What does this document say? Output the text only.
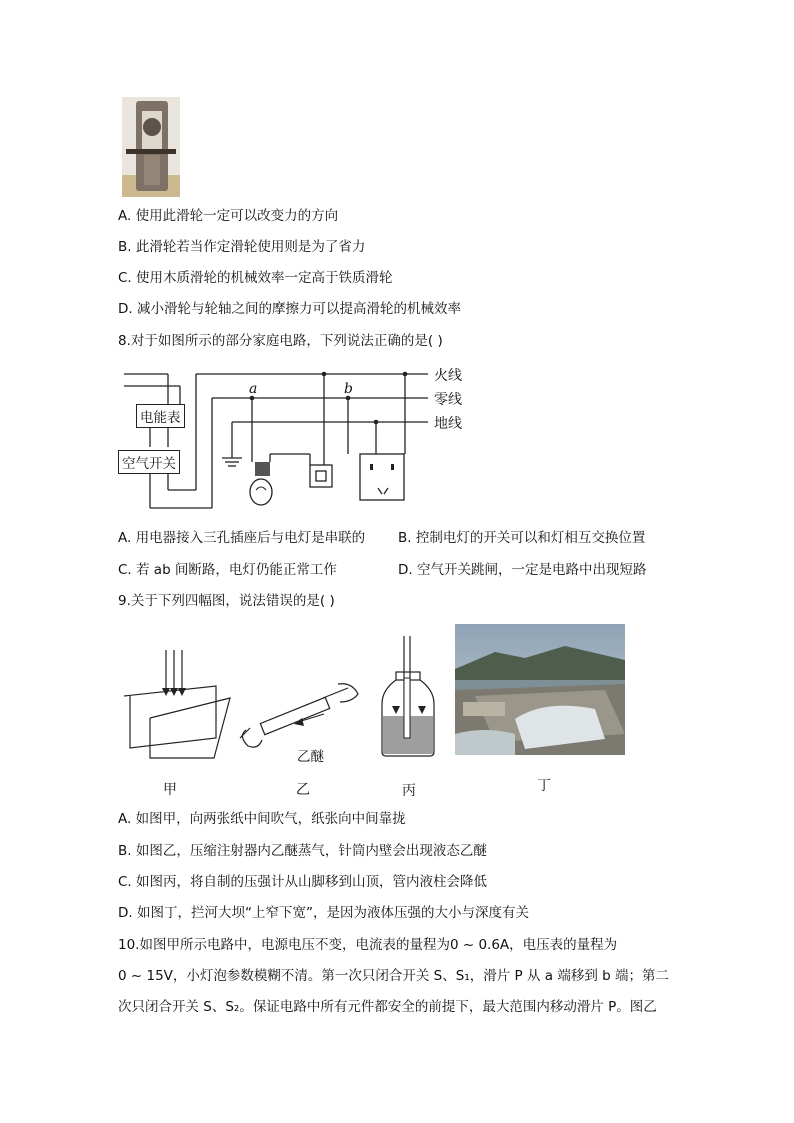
A. 使用此滑轮一定可以改变力的方向
B. 此滑轮若当作定滑轮使用则是为了省力
C. 使用木质滑轮的机械效率一定高于铁质滑轮
D. 减小滑轮与轮轴之间的摩擦力可以提高滑轮的机械效率
8.对于如图所示的部分家庭电路，下列说法正确的是( )
火线
零线
地线
a	b
电能表
空气开关
A. 用电器接入三孔插座后与电灯是串联的 B. 控制电灯的开关可以和灯相互交换位置
C. 若 ab 间断路，电灯仍能正常工作	D. 空气开关跳闸，一定是电路中出现短路
9.关于下列四幅图，说法错误的是( )
甲
乙醚
乙	丙	丁
A. 如图甲，向两张纸中间吹气，纸张向中间靠拢
B. 如图乙，压缩注射器内乙醚蒸气，针筒内壁会出现液态乙醚
C. 如图丙，将自制的压强计从山脚移到山顶，管内液柱会降低
D. 如图丁，拦河大坝“上窄下宽”，是因为液体压强的大小与深度有关
10.如图甲所示电路中，电源电压不变，电流表的量程为0 ~ 0.6A，电压表的量程为
0 ~ 15V，小灯泡参数模糊不清。第一次只闭合开关 S、S₁，滑片 P 从 a 端移到 b 端；第二
次只闭合开关 S、S₂。保证电路中所有元件都安全的前提下，最大范围内移动滑片 P。图乙
